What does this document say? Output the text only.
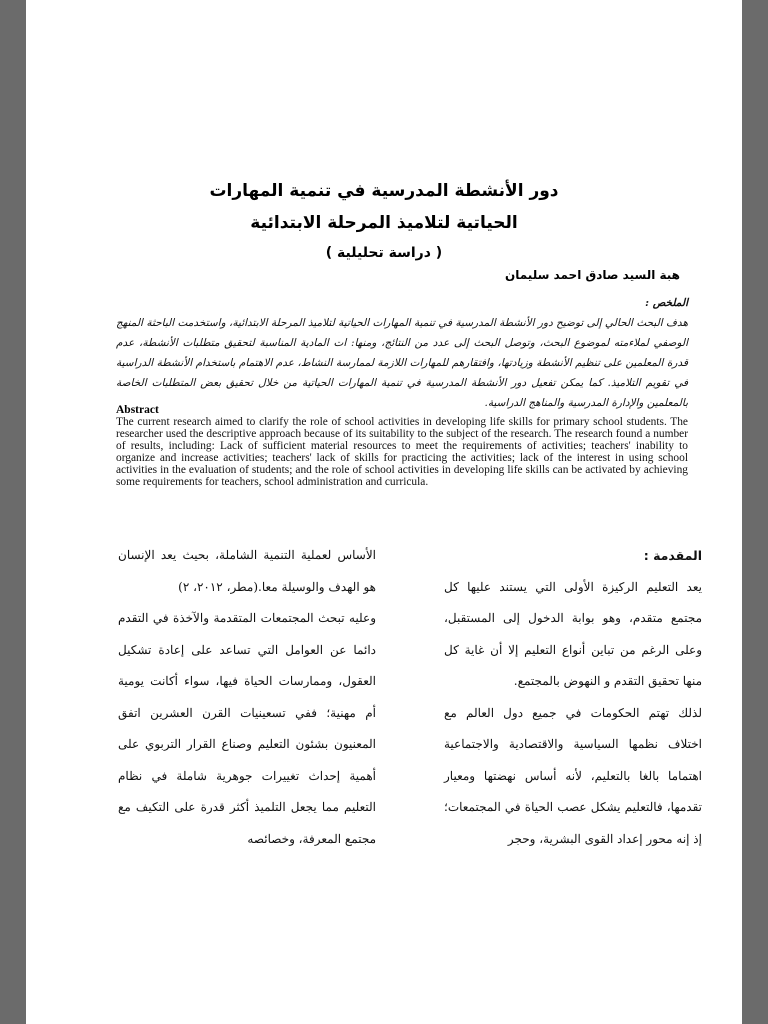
دور الأنشطة المدرسية في تنمية المهارات
الحياتية لتلاميذ المرحلة الابتدائية
( دراسة تحليلية )
هبة السيد صادق احمد سليمان
الملخص :
هدف البحث الحالي إلى توضيح دور الأنشطة المدرسية في تنمية المهارات الحياتية لتلاميذ المرحلة الابتدائية، واستخدمت الباحثة المنهج الوصفي لملاءمته لموضوع البحث، وتوصل البحث إلى عدد من النتائج، ومنها: ات المادية المناسبة لتحقيق متطلبات الأنشطة، عدم قدرة المعلمين على تنظيم الأنشطة وزيادتها، وافتقارهم للمهارات اللازمة لممارسة النشاط، عدم الاهتمام باستخدام الأنشطة الدراسية في تقويم التلاميذ. كما يمكن تفعيل دور الأنشطة المدرسية في تنمية المهارات الحياتية من خلال تحقيق بعض المتطلبات الخاصة بالمعلمين والإدارة المدرسية والمناهج الدراسية.
Abstract
The current research aimed to clarify the role of school activities in developing life skills for primary school students. The researcher used the descriptive approach because of its suitability to the subject of the research. The research found a number of results, including: Lack of sufficient material resources to meet the requirements of activities; teachers' inability to organize and increase activities; teachers' lack of skills for practicing the activities; lack of the interest in using school activities in the evaluation of students; and the role of school activities in developing life skills can be activated by achieving some requirements for teachers, school administration and curricula.
المقدمة :

يعد التعليم الركيزة الأولى التي يستند عليها كل مجتمع متقدم، وهو بوابة الدخول إلى المستقبل، وعلى الرغم من تباين أنواع التعليم إلا أن غاية كل منها تحقيق التقدم و النهوض بالمجتمع.

لذلك تهتم الحكومات في جميع دول العالم مع اختلاف نظمها السياسية والاقتصادية والاجتماعية اهتماما بالغا بالتعليم، لأنه أساس نهضتها ومعيار تقدمها، فالتعليم يشكل عصب الحياة في المجتمعات؛ إذ إنه محور إعداد القوى البشرية، وحجر

الأساس لعملية التنمية الشاملة، بحيث يعد الإنسان هو الهدف والوسيلة معا.(مطر، ٢٠١٢، ٢)

وعليه تبحث المجتمعات المتقدمة والآخذة في التقدم دائما عن العوامل التي تساعد على إعادة تشكيل العقول، وممارسات الحياة فيها، سواء أكانت يومية أم مهنية؛ ففي تسعينيات القرن العشرين اتفق المعنيون بشئون التعليم وصناع القرار التربوي على أهمية إحداث تغييرات جوهرية شاملة في نظام التعليم مما يجعل التلميذ أكثر قدرة على التكيف مع مجتمع المعرفة، وخصائصه
